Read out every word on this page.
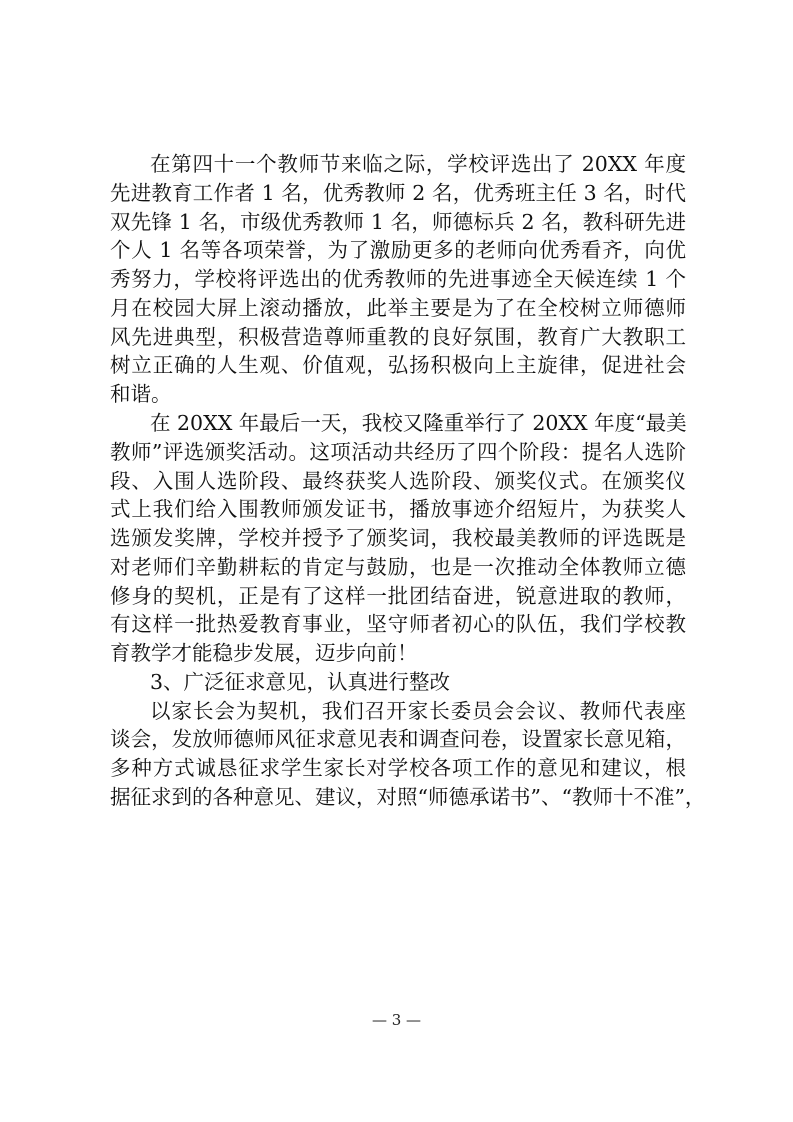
在第四十一个教师节来临之际，学校评选出了 20XX 年度
先进教育工作者 1 名，优秀教师 2 名，优秀班主任 3 名，时代
双先锋 1 名，市级优秀教师 1 名，师德标兵 2 名，教科研先进
个人 1 名等各项荣誉，为了激励更多的老师向优秀看齐，向优
秀努力，学校将评选出的优秀教师的先进事迹全天候连续 1 个
月在校园大屏上滚动播放，此举主要是为了在全校树立师德师
风先进典型，积极营造尊师重教的良好氛围，教育广大教职工
树立正确的人生观、价值观，弘扬积极向上主旋律，促进社会
和谐。
在 20XX 年最后一天，我校又隆重举行了 20XX 年度“最美
教师”评选颁奖活动。这项活动共经历了四个阶段：提名人选阶
段、入围人选阶段、最终获奖人选阶段、颁奖仪式。在颁奖仪
式上我们给入围教师颁发证书，播放事迹介绍短片，为获奖人
选颁发奖牌，学校并授予了颁奖词，我校最美教师的评选既是
对老师们辛勤耕耘的肯定与鼓励，也是一次推动全体教师立德
修身的契机，正是有了这样一批团结奋进，锐意进取的教师，
有这样一批热爱教育事业，坚守师者初心的队伍，我们学校教
育教学才能稳步发展，迈步向前！
3、广泛征求意见，认真进行整改
以家长会为契机，我们召开家长委员会会议、教师代表座
谈会，发放师德师风征求意见表和调查问卷，设置家长意见箱，
多种方式诚恳征求学生家长对学校各项工作的意见和建议，根
据征求到的各种意见、建议，对照“师德承诺书”、“教师十不准”，
— 3 —
